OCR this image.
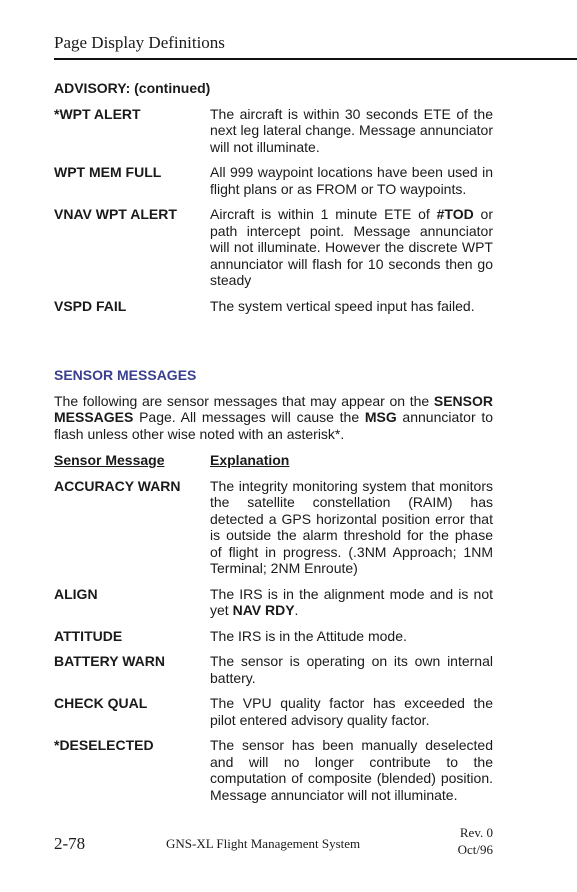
Page Display Definitions
ADVISORY: (continued)
*WPT ALERT	The aircraft is within 30 seconds ETE of the next leg lateral change. Message annunciator will not illuminate.
WPT MEM FULL	All 999 waypoint locations have been used in flight plans or as FROM or TO waypoints.
VNAV WPT ALERT	Aircraft is within 1 minute ETE of #TOD or path intercept point. Message annunciator will not illuminate. However the discrete WPT annunciator will flash for 10 seconds then go steady
VSPD FAIL	The system vertical speed input has failed.
SENSOR MESSAGES
The following are sensor messages that may appear on the SENSOR MESSAGES Page. All messages will cause the MSG annunciator to flash unless other wise noted with an asterisk*.
Sensor Message	Explanation
ACCURACY WARN	The integrity monitoring system that monitors the satellite constellation (RAIM) has detected a GPS horizontal position error that is outside the alarm threshold for the phase of flight in progress. (.3NM Approach; 1NM Terminal; 2NM Enroute)
ALIGN	The IRS is in the alignment mode and is not yet NAV RDY.
ATTITUDE	The IRS is in the Attitude mode.
BATTERY WARN	The sensor is operating on its own internal battery.
CHECK QUAL	The VPU quality factor has exceeded the pilot entered advisory quality factor.
*DESELECTED	The sensor has been manually deselected and will no longer contribute to the computation of composite (blended) position. Message annunciator will not illuminate.
2-78	GNS-XL Flight Management System
Rev. 0
Oct/96
